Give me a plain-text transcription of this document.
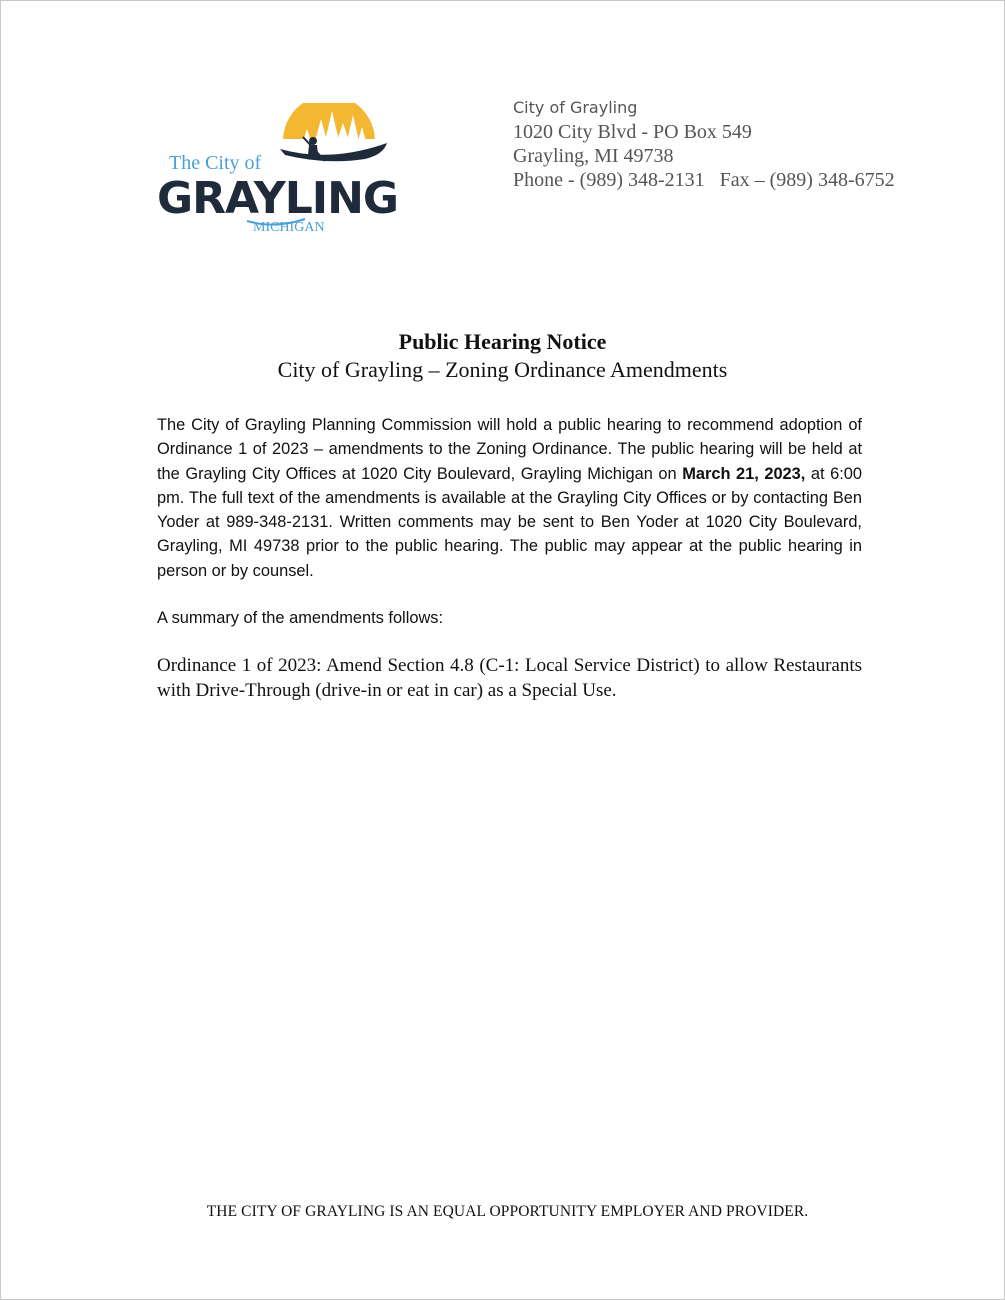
The City of
GRAYLING
MICHIGAN
City of Grayling
1020 City Blvd - PO Box 549
Grayling, MI 49738
Phone - (989) 348-2131   Fax – (989) 348-6752
Public Hearing Notice
City of Grayling – Zoning Ordinance Amendments
The City of Grayling Planning Commission will hold a public hearing to recommend adoption of Ordinance 1 of 2023 – amendments to the Zoning Ordinance. The public hearing will be held at the Grayling City Offices at 1020 City Boulevard, Grayling Michigan on March 21, 2023, at 6:00 pm. The full text of the amendments is available at the Grayling City Offices or by contacting Ben Yoder at 989-348-2131. Written comments may be sent to Ben Yoder at 1020 City Boulevard, Grayling, MI 49738 prior to the public hearing. The public may appear at the public hearing in person or by counsel.
A summary of the amendments follows:
Ordinance 1 of 2023: Amend Section 4.8 (C-1: Local Service District) to allow Restaurants with Drive-Through (drive-in or eat in car) as a Special Use.
THE CITY OF GRAYLING IS AN EQUAL OPPORTUNITY EMPLOYER AND PROVIDER.
